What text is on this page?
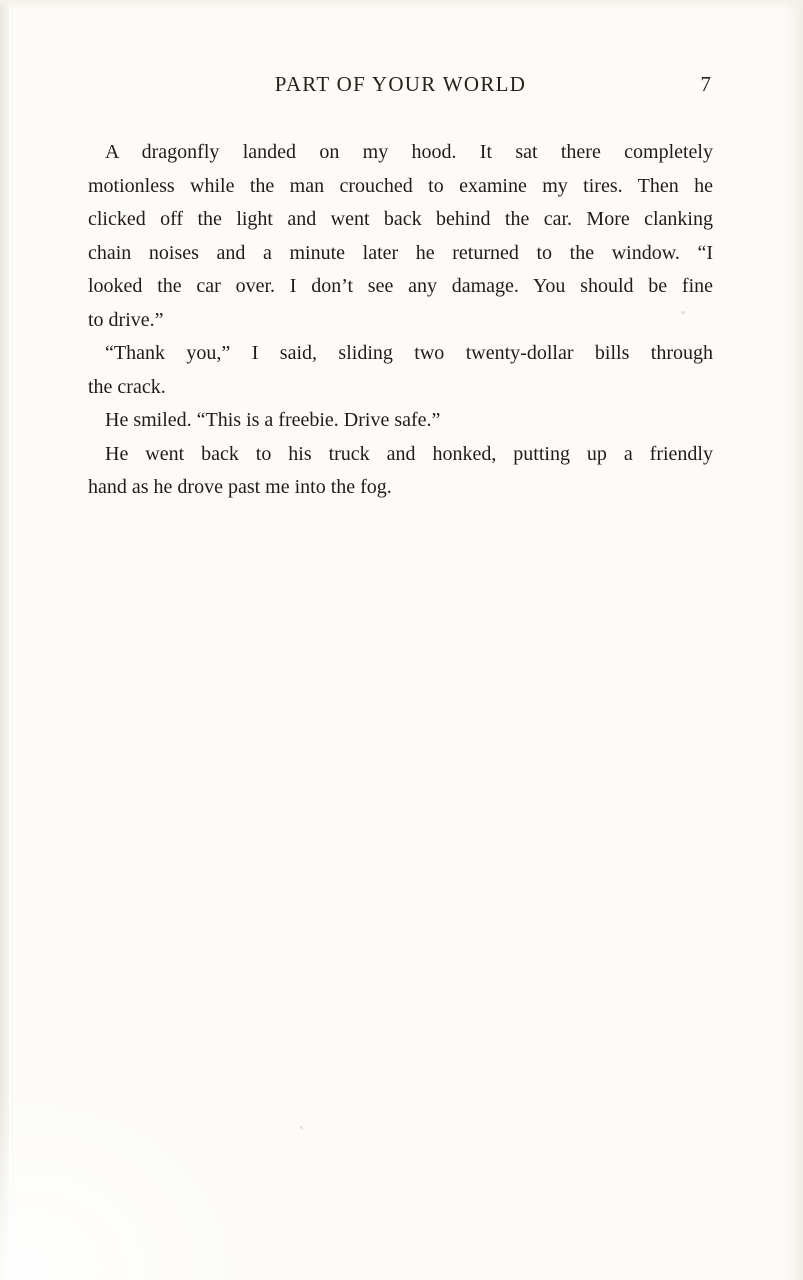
PART OF YOUR WORLD	7
A dragonfly landed on my hood. It sat there completely
motionless while the man crouched to examine my tires. Then he
clicked off the light and went back behind the car. More clanking
chain noises and a minute later he returned to the window. “I
looked the car over. I don’t see any damage. You should be fine
to drive.”
“Thank you,” I said, sliding two twenty-dollar bills through
the crack.
He smiled. “This is a freebie. Drive safe.”
He went back to his truck and honked, putting up a friendly
hand as he drove past me into the fog.
